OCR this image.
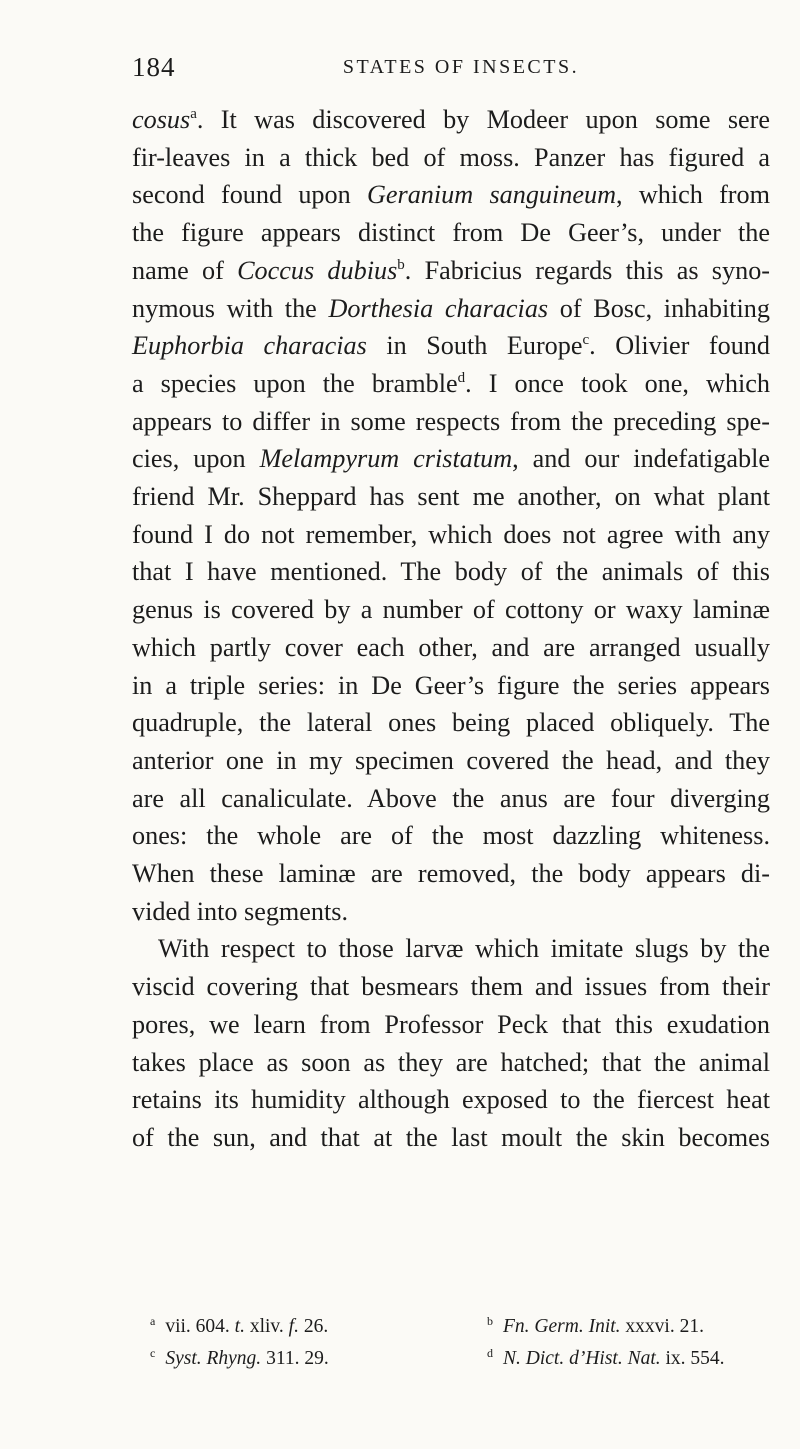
184	STATES OF INSECTS.
cosus$^a$. It was discovered by Modeer upon some sere
fir-leaves in a thick bed of moss. Panzer has figured a
second found upon Geranium sanguineum, which from
the figure appears distinct from De Geer’s, under the
name of Coccus dubius$^b$. Fabricius regards this as syno-
nymous with the Dorthesia characias of Bosc, inhabiting
Euphorbia characias in South Europe$^c$. Olivier found
a species upon the bramble$^d$. I once took one, which
appears to differ in some respects from the preceding spe-
cies, upon Melampyrum cristatum, and our indefatigable
friend Mr. Sheppard has sent me another, on what plant
found I do not remember, which does not agree with any
that I have mentioned. The body of the animals of this
genus is covered by a number of cottony or waxy laminæ
which partly cover each other, and are arranged usually
in a triple series: in De Geer’s figure the series appears
quadruple, the lateral ones being placed obliquely. The
anterior one in my specimen covered the head, and they
are all canaliculate. Above the anus are four diverging
ones: the whole are of the most dazzling whiteness.
When these laminæ are removed, the body appears di-
vided into segments.
With respect to those larvæ which imitate slugs by the
viscid covering that besmears them and issues from their
pores, we learn from Professor Peck that this exudation
takes place as soon as they are hatched; that the animal
retains its humidity although exposed to the fiercest heat
of the sun, and that at the last moult the skin becomes
$^a$ vii. 604. t. xliv. f. 26.	$^b$ Fn. Germ. Init. xxxvi. 21.
$^c$ Syst. Rhyng. 311. 29.	$^d$ N. Dict. d’Hist. Nat. ix. 554.
